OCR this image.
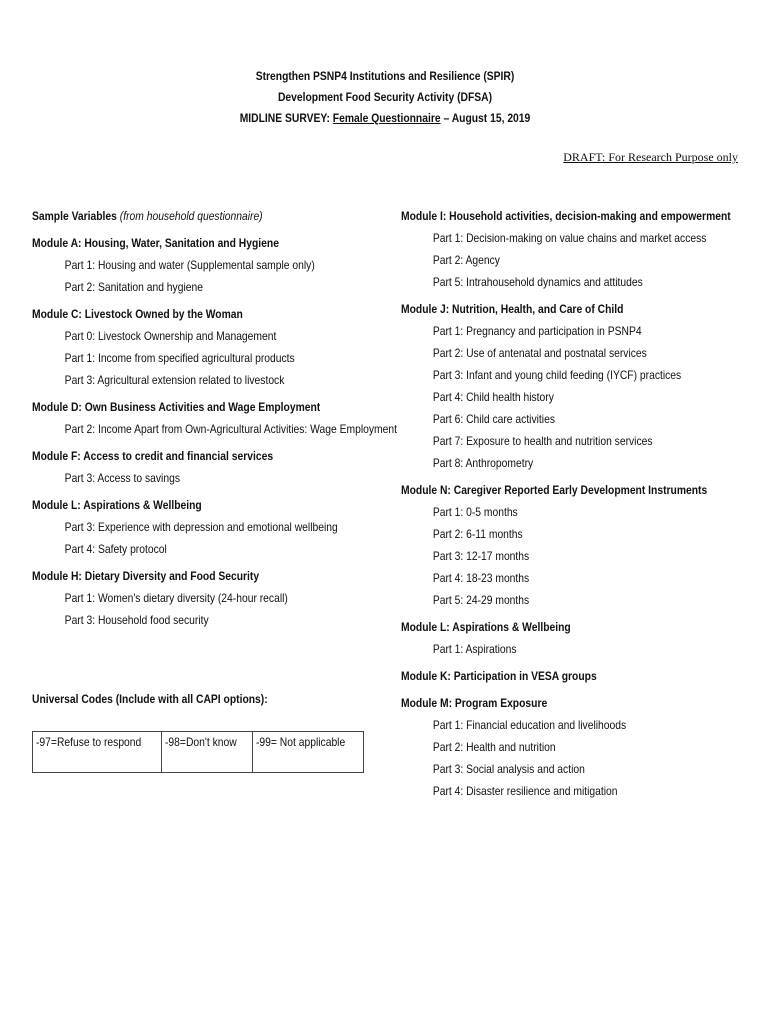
Strengthen PSNP4 Institutions and Resilience (SPIR)
Development Food Security Activity (DFSA)
MIDLINE SURVEY: Female Questionnaire – August 15, 2019
DRAFT: For Research Purpose only
Sample Variables (from household questionnaire)
Module A: Housing, Water, Sanitation and Hygiene
Part 1: Housing and water (Supplemental sample only)
Part 2: Sanitation and hygiene
Module C: Livestock Owned by the Woman
Part 0: Livestock Ownership and Management
Part 1: Income from specified agricultural products
Part 3: Agricultural extension related to livestock
Module D: Own Business Activities and Wage Employment
Part 2: Income Apart from Own-Agricultural Activities: Wage Employment
Module F: Access to credit and financial services
Part 3: Access to savings
Module L: Aspirations & Wellbeing
Part 3: Experience with depression and emotional wellbeing
Part 4: Safety protocol
Module H: Dietary Diversity and Food Security
Part 1: Women's dietary diversity (24-hour recall)
Part 3: Household food security
Universal Codes (Include with all CAPI options):
-97=Refuse to respond	-98=Don't know	-99= Not applicable
Module I: Household activities, decision-making and empowerment
Part 1: Decision-making on value chains and market access
Part 2: Agency
Part 5: Intrahousehold dynamics and attitudes
Module J: Nutrition, Health, and Care of Child
Part 1: Pregnancy and participation in PSNP4
Part 2: Use of antenatal and postnatal services
Part 3: Infant and young child feeding (IYCF) practices
Part 4: Child health history
Part 6: Child care activities
Part 7: Exposure to health and nutrition services
Part 8: Anthropometry
Module N: Caregiver Reported Early Development Instruments
Part 1: 0-5 months
Part 2: 6-11 months
Part 3: 12-17 months
Part 4: 18-23 months
Part 5: 24-29 months
Module L: Aspirations & Wellbeing
Part 1: Aspirations
Module K: Participation in VESA groups
Module M: Program Exposure
Part 1: Financial education and livelihoods
Part 2: Health and nutrition
Part 3: Social analysis and action
Part 4: Disaster resilience and mitigation
